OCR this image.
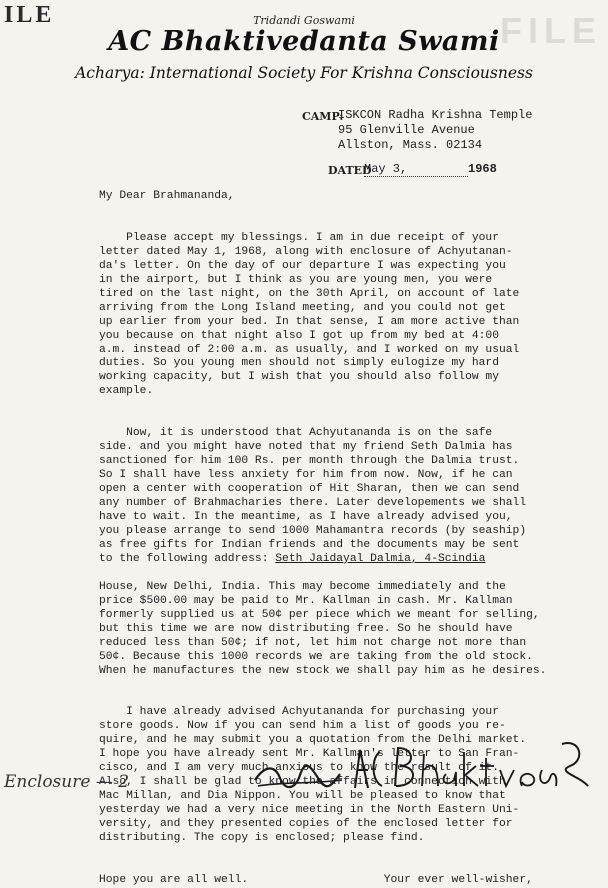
ILE	FILE
Tridandi Goswami
AC Bhaktivedanta Swami
Acharya: International Society For Krishna Consciousness
CAMP:
ISKCON Radha Krishna Temple
95 Glenville Avenue
Allston, Mass. 02134
DATED
May 3,	1968
My Dear Brahmananda,

Please accept my blessings. I am in due receipt of your
letter dated May 1, 1968, along with enclosure of Achyutanan-
da's letter. On the day of our departure I was expecting you
in the airport, but I think as you are young men, you were
tired on the last night, on the 30th April, on account of late
arriving from the Long Island meeting, and you could not get
up earlier from your bed. In that sense, I am more active than
you because on that night also I got up from my bed at 4:00
a.m. instead of 2:00 a.m. as usually, and I worked on my usual
duties. So you young men should not simply eulogize my hard
working capacity, but I wish that you should also follow my
example.

Now, it is understood that Achyutananda is on the safe
side. and you might have noted that my friend Seth Dalmia has
sanctioned for him 100 Rs. per month through the Dalmia trust.
So I shall have less anxiety for him from now. Now, if he can
open a center with cooperation of Hit Sharan, then we can send
any number of Brahmacharies there. Later developements we shall
have to wait. In the meantime, as I have already advised you,
you please arrange to send 1000 Mahamantra records (by seaship)
as free gifts for Indian friends and the documents may be sent
to the following address: Seth Jaidayal Dalmia, 4-Scindia

House, New Delhi, India. This may become immediately and the
price $500.00 may be paid to Mr. Kallman in cash. Mr. Kallman
formerly supplied us at 50¢ per piece which we meant for selling,
but this time we are now distributing free. So he should have
reduced less than 50¢; if not, let him not charge not more than
50¢. Because this 1000 records we are taking from the old stock.
When he manufactures the new stock we shall pay him as he desires.

I have already advised Achyutananda for purchasing your
store goods. Now if you can send him a list of goods you re-
quire, and he may submit you a quotation from the Delhi market.
I hope you have already sent Mr. Kallman's letter to San Fran-
cisco, and I am very much anxious to know the result of it.
Also, I shall be glad to know the affairs in connection with
Mac Millan, and Dia Nippon. You will be pleased to know that
yesterday we had a very nice meeting in the North Eastern Uni-
versity, and they presented copies of the enclosed letter for
distributing. The copy is enclosed; please find.

Hope you are all well.	Your ever well-wisher,
Enclosure — 2
